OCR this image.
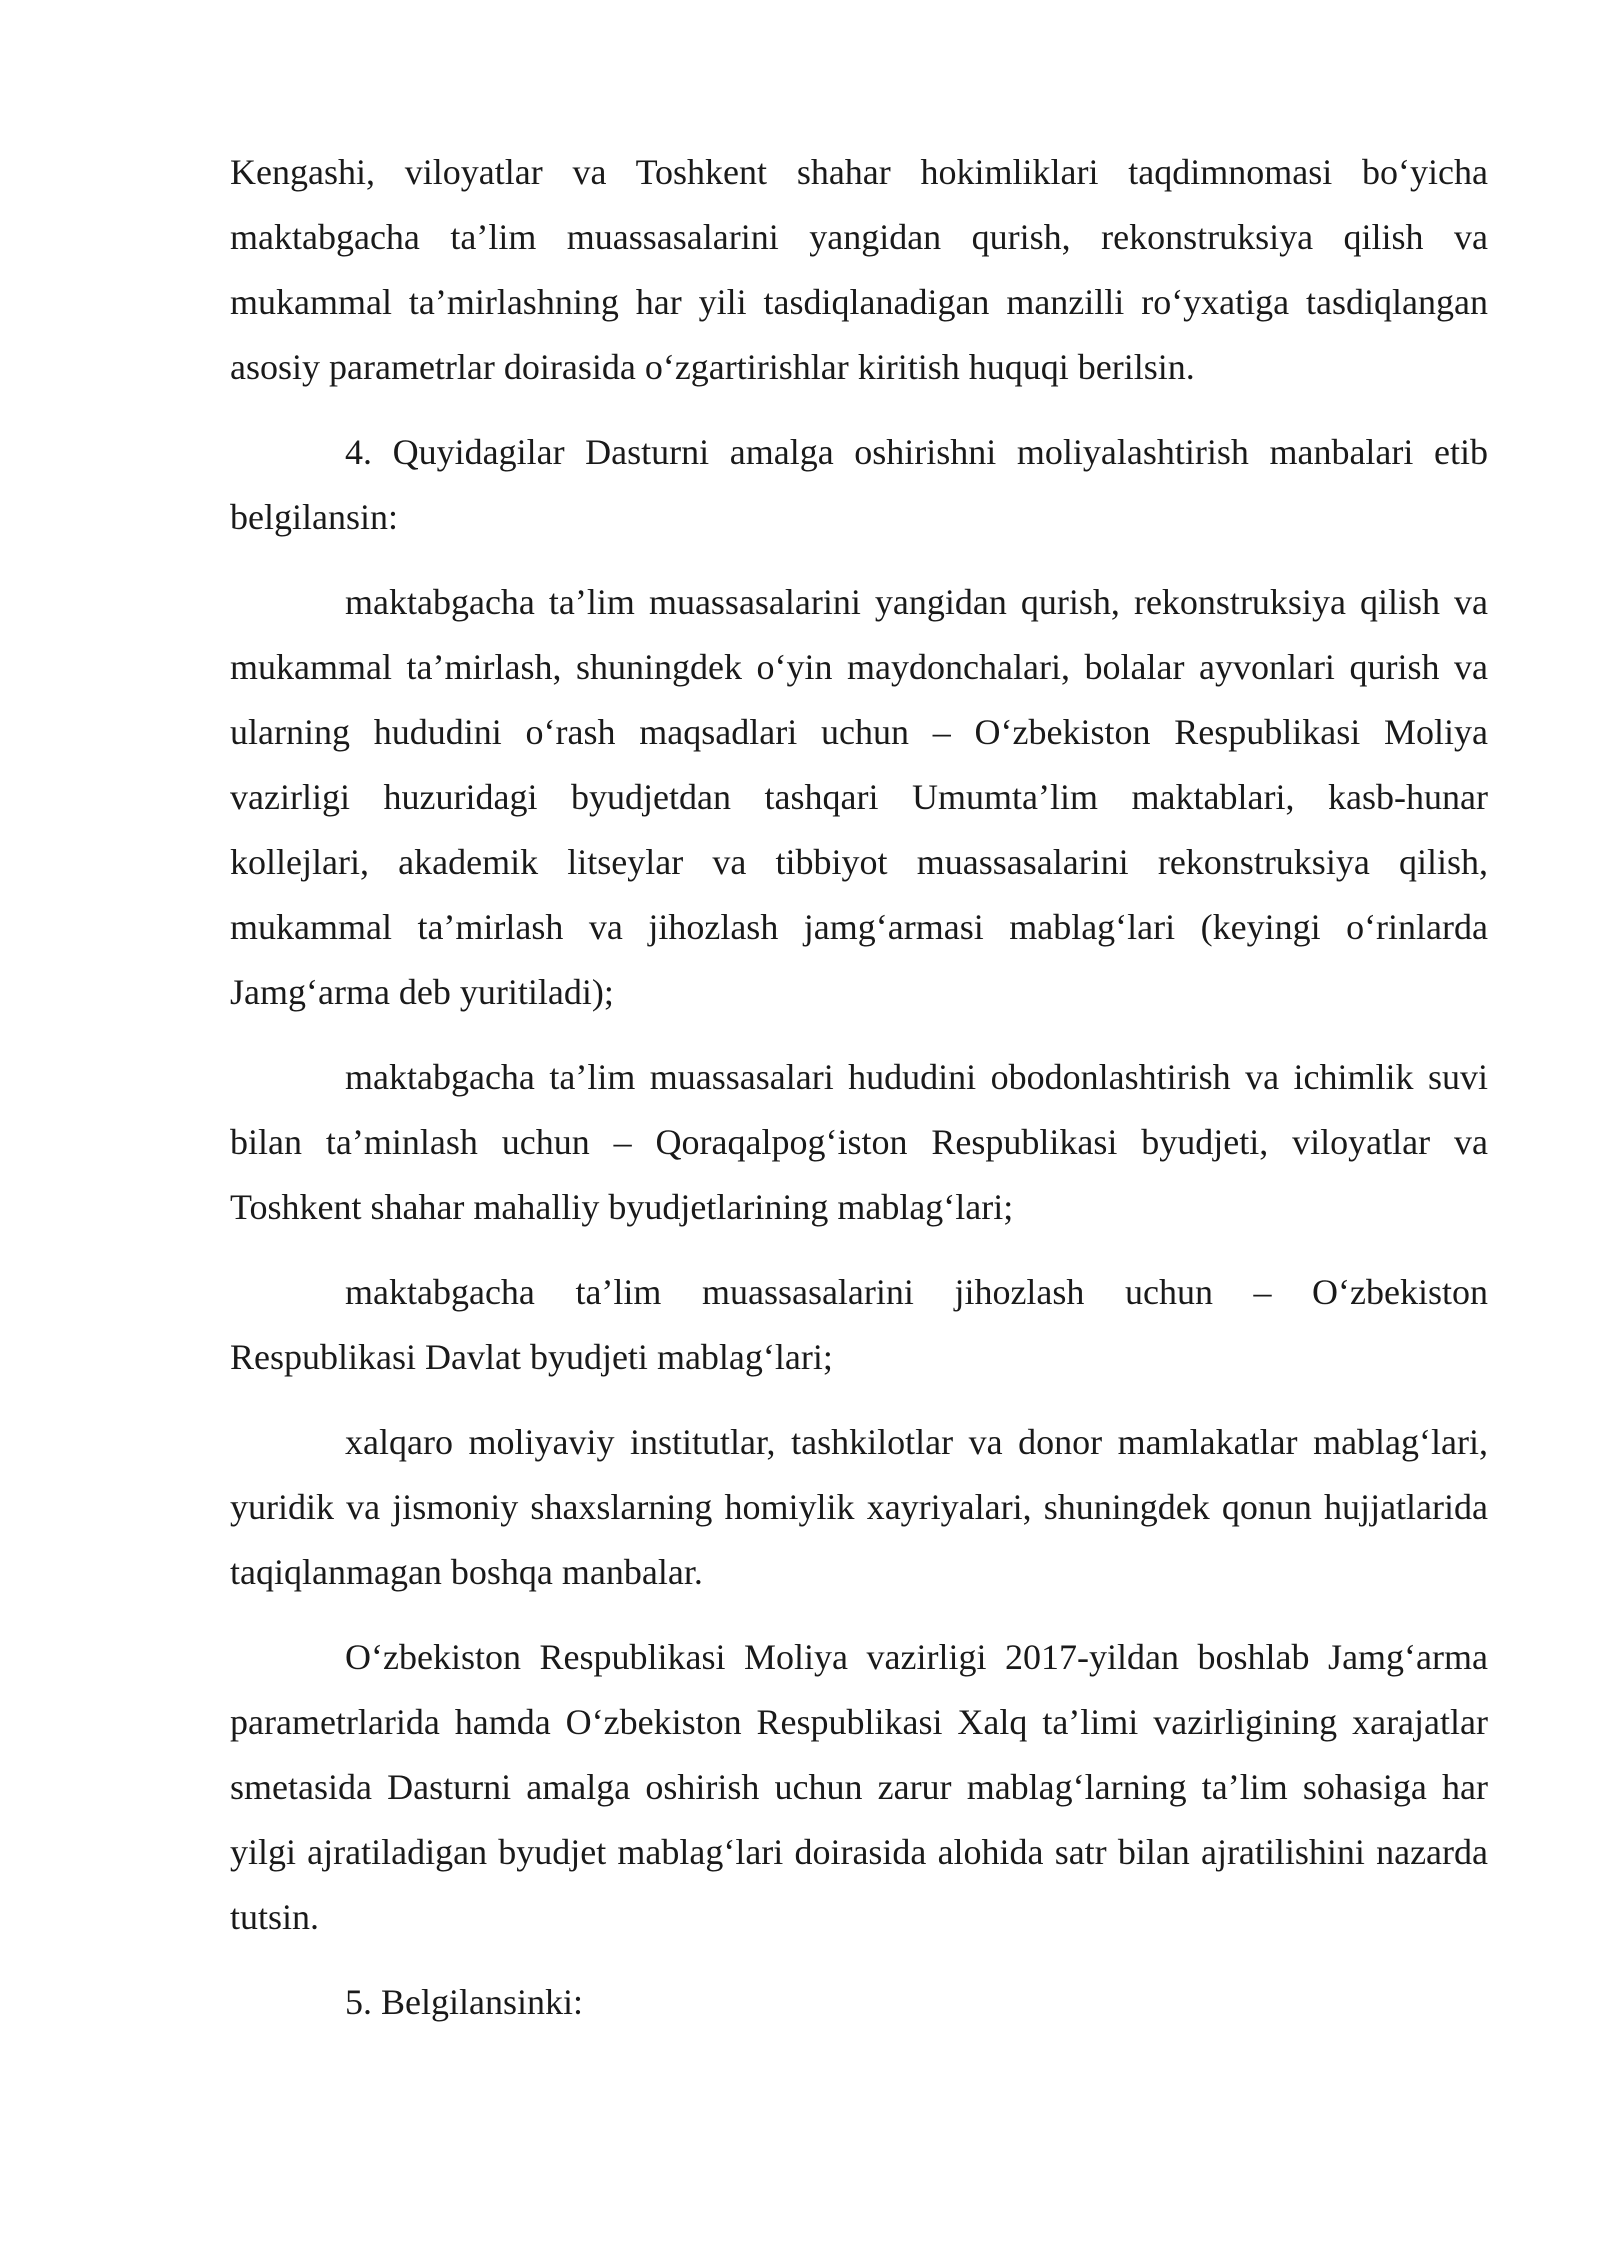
Kengashi, viloyatlar va Toshkent shahar hokimliklari taqdimnomasi bo‘yicha maktabgacha ta’lim muassasalarini yangidan qurish, rekonstruksiya qilish va mukammal ta’mirlashning har yili tasdiqlanadigan manzilli ro‘yxatiga tasdiqlangan asosiy parametrlar doirasida o‘zgartirishlar kiritish huquqi berilsin.

4. Quyidagilar Dasturni amalga oshirishni moliyalashtirish manbalari etib belgilansin:

maktabgacha ta’lim muassasalarini yangidan qurish, rekonstruksiya qilish va mukammal ta’mirlash, shuningdek o‘yin maydonchalari, bolalar ayvonlari qurish va ularning hududini o‘rash maqsadlari uchun – O‘zbekiston Respublikasi Moliya vazirligi huzuridagi byudjetdan tashqari Umumta’lim maktablari, kasb-hunar kollejlari, akademik litseylar va tibbiyot muassasalarini rekonstruksiya qilish, mukammal ta’mirlash va jihozlash jamg‘armasi mablag‘lari (keyingi o‘rinlarda Jamg‘arma deb yuritiladi);

maktabgacha ta’lim muassasalari hududini obodonlashtirish va ichimlik suvi bilan ta’minlash uchun – Qoraqalpog‘iston Respublikasi byudjeti, viloyatlar va Toshkent shahar mahalliy byudjetlarining mablag‘lari;

maktabgacha ta’lim muassasalarini jihozlash uchun – O‘zbekiston Respublikasi Davlat byudjeti mablag‘lari;

xalqaro moliyaviy institutlar, tashkilotlar va donor mamlakatlar mablag‘lari, yuridik va jismoniy shaxslarning homiylik xayriyalari, shuningdek qonun hujjatlarida taqiqlanmagan boshqa manbalar.

O‘zbekiston Respublikasi Moliya vazirligi 2017-yildan boshlab Jamg‘arma parametrlarida hamda O‘zbekiston Respublikasi Xalq ta’limi vazirligining xarajatlar smetasida Dasturni amalga oshirish uchun zarur mablag‘larning ta’lim sohasiga har yilgi ajratiladigan byudjet mablag‘lari doirasida alohida satr bilan ajratilishini nazarda tutsin.

5. Belgilansinki:
